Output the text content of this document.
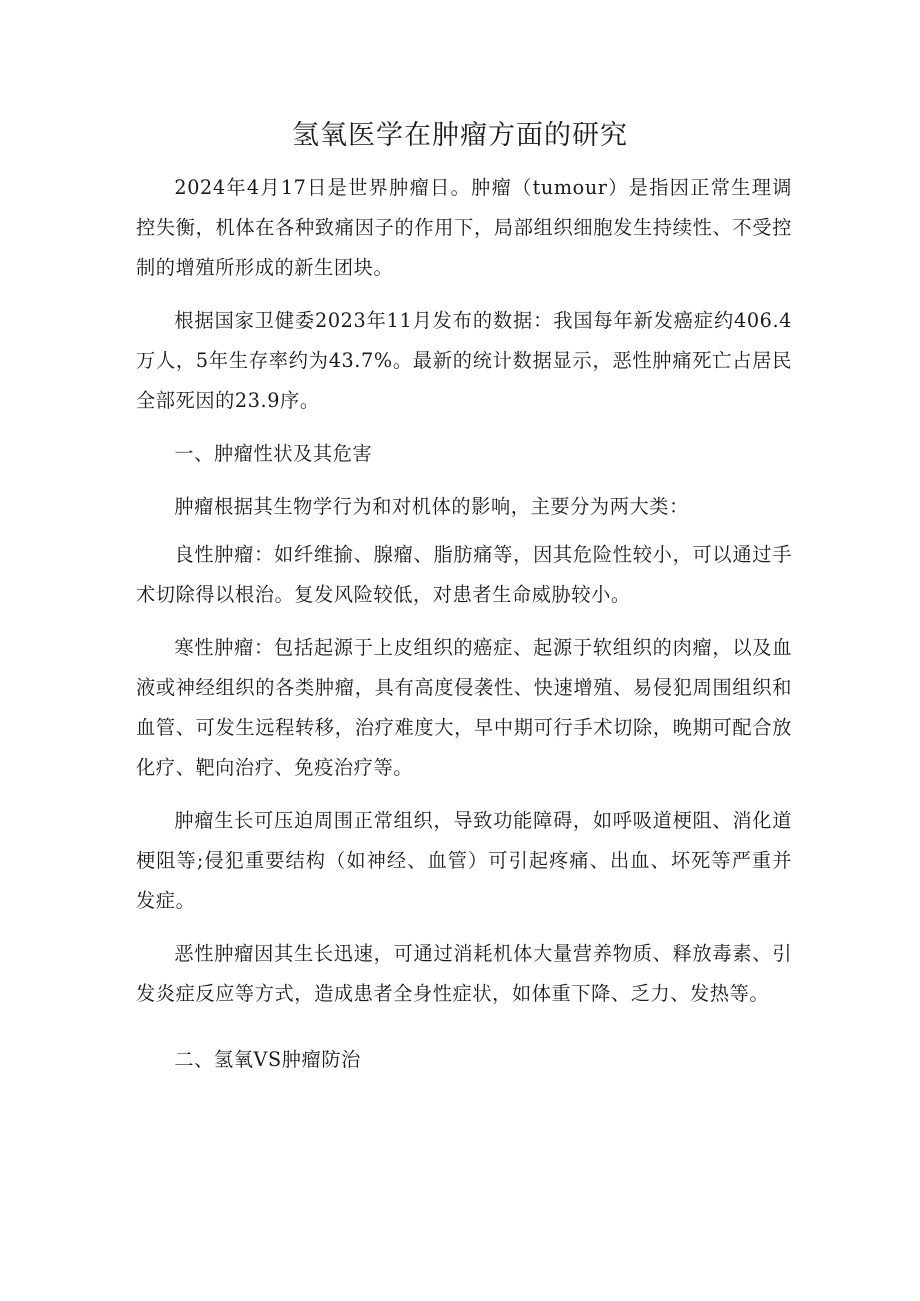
氢氧医学在肿瘤方面的研究

2024年4月17日是世界肿瘤日。肿瘤（tumour）是指因正常生理调控失衡，机体在各种致痛因子的作用下，局部组织细胞发生持续性、不受控制的增殖所形成的新生团块。

根据国家卫健委2023年11月发布的数据：我国每年新发癌症约406.4万人，5年生存率约为43.7%。最新的统计数据显示，恶性肿痛死亡占居民全部死因的23.9序。

一、肿瘤性状及其危害

肿瘤根据其生物学行为和对机体的影响，主要分为两大类：

良性肿瘤：如纤维揄、腺瘤、脂肪痛等，因其危险性较小，可以通过手术切除得以根治。复发风险较低，对患者生命威胁较小。

寒性肿瘤：包括起源于上皮组织的癌症、起源于软组织的肉瘤，以及血液或神经组织的各类肿瘤，具有高度侵袭性、快速增殖、易侵犯周围组织和血管、可发生远程转移，治疗难度大，早中期可行手术切除，晚期可配合放化疗、靶向治疗、免疫治疗等。

肿瘤生长可压迫周围正常组织，导致功能障碍，如呼吸道梗阻、消化道梗阻等;侵犯重要结构（如神经、血管）可引起疼痛、出血、坏死等严重并发症。

恶性肿瘤因其生长迅速，可通过消耗机体大量营养物质、释放毒素、引发炎症反应等方式，造成患者全身性症状，如体重下降、乏力、发热等。

二、氢氧VS肿瘤防治
